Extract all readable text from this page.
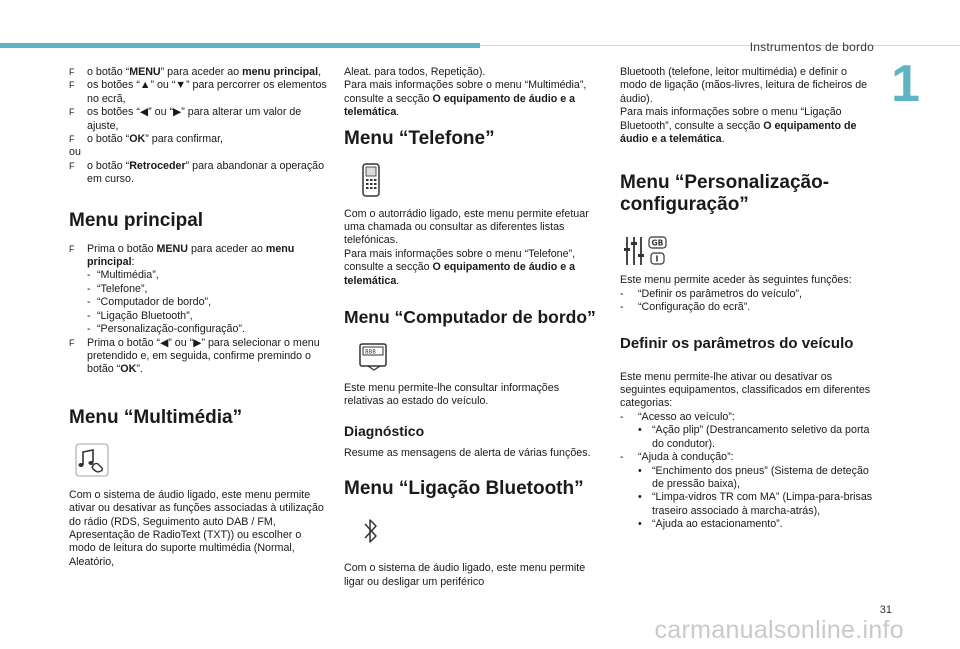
Instrumentos de bordo
1
F o botão “MENU” para aceder ao menu principal,
F os botões “▲” ou “▼” para percorrer os elementos no ecrã,
F os botões “◀” ou “▶” para alterar um valor de ajuste,
F o botão “OK” para confirmar,
ou
F o botão “Retroceder” para abandonar a operação em curso.
Menu principal
F Prima o botão MENU para aceder ao menu principal:
- “Multimédia”,
- “Telefone”,
- “Computador de bordo”,
- “Ligação Bluetooth”,
- “Personalização-configuração”.
F Prima o botão “◀” ou “▶” para selecionar o menu pretendido e, em seguida, confirme premindo o botão “OK”.
Menu “Multimédia”

Com o sistema de áudio ligado, este menu permite ativar ou desativar as funções associadas à utilização do rádio (RDS, Seguimento auto DAB / FM, Apresentação de RadioText (TXT)) ou escolher o modo de leitura do suporte multimédia (Normal, Aleatório,

Aleat. para todos, Repetição).

Para mais informações sobre o menu “Multimédia”, consulte a secção O equipamento de áudio e a telemática.

Menu “Telefone”

Com o autorrádio ligado, este menu permite efetuar uma chamada ou consultar as diferentes listas telefónicas.

Para mais informações sobre o menu “Telefone”, consulte a secção O equipamento de áudio e a telemática.

Menu “Computador de bordo”
888

Este menu permite-lhe consultar informações relativas ao estado do veículo.

Diagnóstico

Resume as mensagens de alerta de várias funções.

Menu “Ligação Bluetooth”

Com o sistema de áudio ligado, este menu permite ligar ou desligar um periférico

Bluetooth (telefone, leitor multimédia) e definir o modo de ligação (mãos-livres, leitura de ficheiros de áudio).

Para mais informações sobre o menu “Ligação Bluetooth”, consulte a secção O equipamento de áudio e a telemática.

Menu “Personalização-
configuração”
GB
I

Este menu permite aceder às seguintes funções:

- “Definir os parâmetros do veículo”,
- “Configuração do ecrã”.
Definir os parâmetros do veículo

Este menu permite-lhe ativar ou desativar os seguintes equipamentos, classificados em diferentes categorias:

- “Acesso ao veículo”:
• “Ação plip” (Destrancamento seletivo da porta do condutor).
- “Ajuda à condução”:
• “Enchimento dos pneus” (Sistema de deteção de pressão baixa),
• “Limpa-vidros TR com MA” (Limpa-para-brisas traseiro associado à marcha-atrás),
• “Ajuda ao estacionamento”.
31
carmanualsonline.info
